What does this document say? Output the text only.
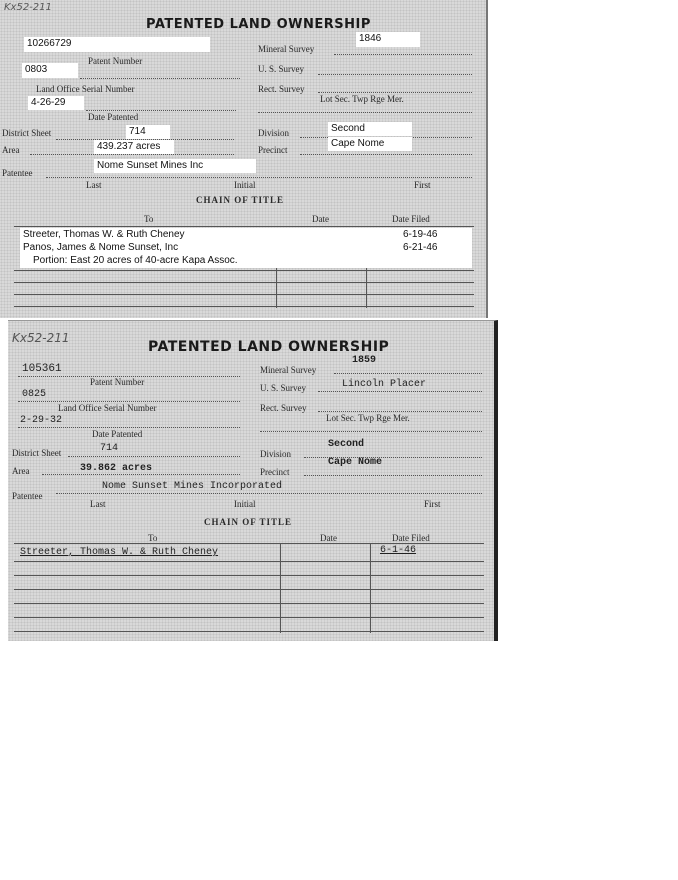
Kx52-211
PATENTED LAND OWNERSHIP
10266729
Patent Number
0803
Land Office Serial Number
4-26-29
Date Patented
District Sheet	714
Area	439.237 acres
Nome Sunset Mines Inc
Patentee
Last	Initial	First
1846
Mineral Survey
U. S. Survey
Rect. Survey
Lot Sec. Twp Rge Mer.
Second
Division
Cape Nome
Precinct
CHAIN OF TITLE
To	Date	Date Filed
Streeter, Thomas W. & Ruth Cheney	6-19-46
Panos, James & Nome Sunset, Inc	6-21-46
Portion: East 20 acres of 40-acre Kapa Assoc.
Kx52-211
PATENTED LAND OWNERSHIP
105361
Patent Number
0825
Land Office Serial Number
2-29-32
Date Patented
District Sheet	714
Area	39.862 acres
Nome Sunset Mines Incorporated
Patentee
Last	Initial	First
1859
Mineral Survey
U. S. Survey	Lincoln Placer
Rect. Survey
Lot Sec. Twp Rge Mer.
Second
Division
Cape Nome
Precinct
CHAIN OF TITLE
To	Date	Date Filed
Streeter, Thomas W. & Ruth Cheney	6-1-46
